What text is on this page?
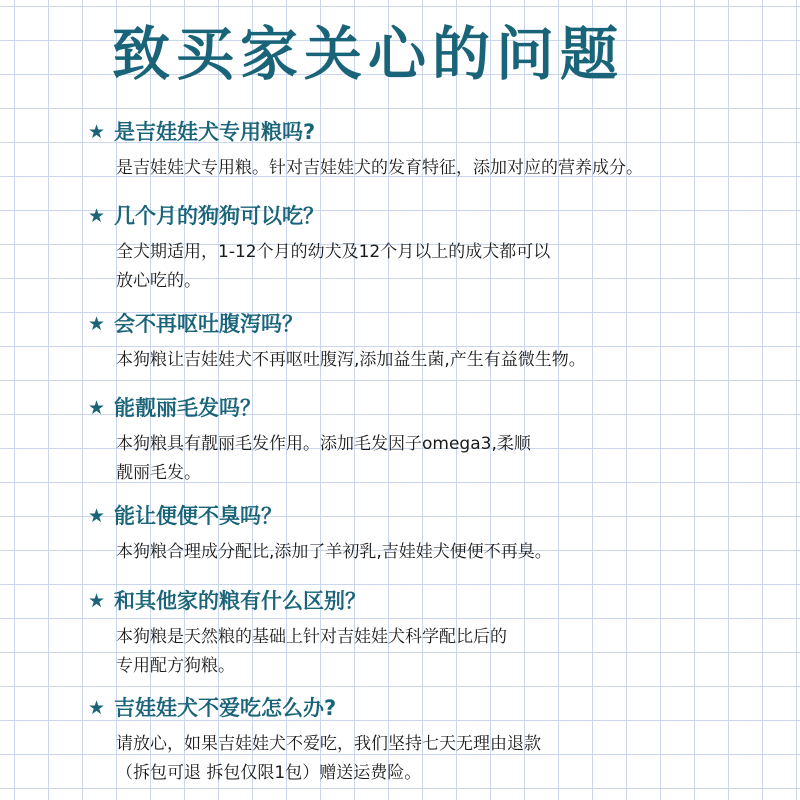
致买家关心的问题
★ 是吉娃娃犬专用粮吗?
是吉娃娃犬专用粮。针对吉娃娃犬的发育特征，添加对应的营养成分。
★ 几个月的狗狗可以吃？
全犬期适用，1-12个月的幼犬及12个月以上的成犬都可以
放心吃的。
★ 会不再呕吐腹泻吗？
本狗粮让吉娃娃犬不再呕吐腹泻,添加益生菌,产生有益微生物。
★ 能靓丽毛发吗？
本狗粮具有靓丽毛发作用。添加毛发因子omega3,柔顺
靓丽毛发。
★ 能让便便不臭吗？
本狗粮合理成分配比,添加了羊初乳,吉娃娃犬便便不再臭。
★ 和其他家的粮有什么区别？
本狗粮是天然粮的基础上针对吉娃娃犬科学配比后的
专用配方狗粮。
★ 吉娃娃犬不爱吃怎么办?
请放心，如果吉娃娃犬不爱吃，我们坚持七天无理由退款
（拆包可退 拆包仅限1包）赠送运费险。
